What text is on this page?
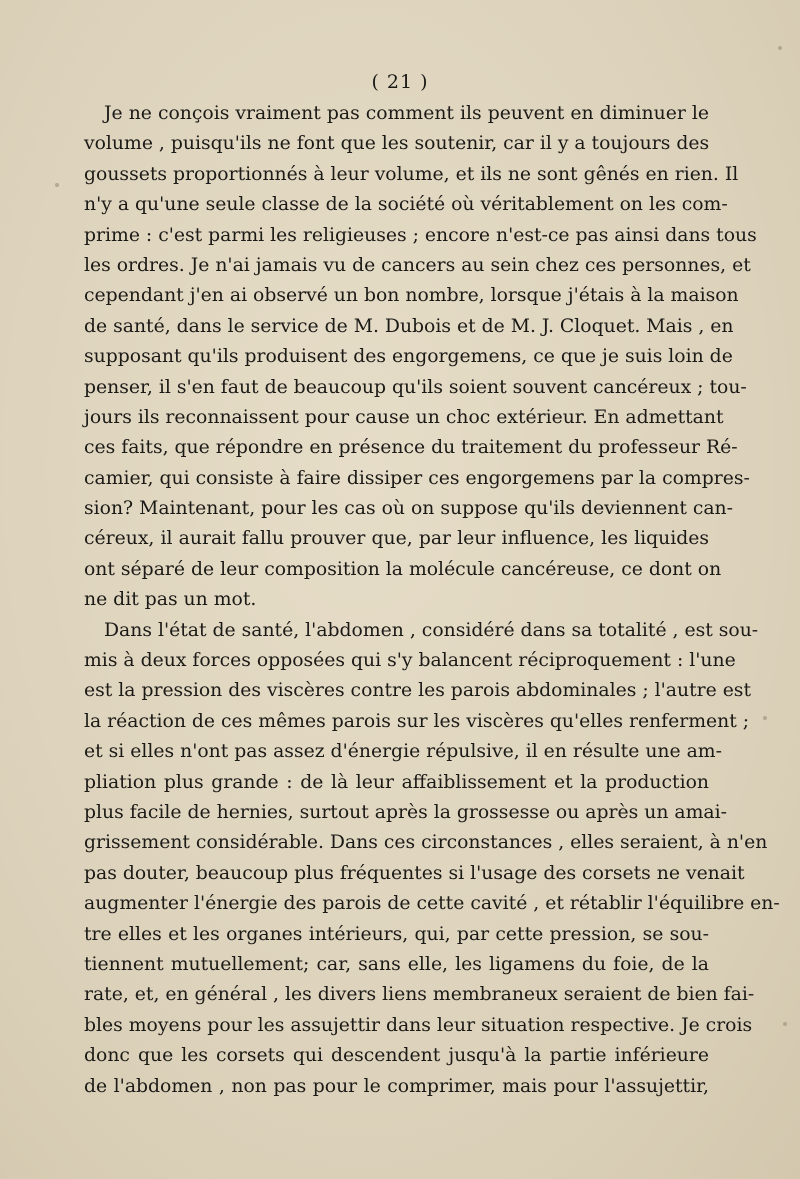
( 21 )
Je ne conçois vraiment pas comment ils peuvent en diminuer le
volume , puisqu'ils ne font que les soutenir, car il y a toujours des
goussets proportionnés à leur volume, et ils ne sont gênés en rien. Il
n'y a qu'une seule classe de la société où véritablement on les com-
prime : c'est parmi les religieuses ; encore n'est-ce pas ainsi dans tous
les ordres. Je n'ai jamais vu de cancers au sein chez ces personnes, et
cependant j'en ai observé un bon nombre, lorsque j'étais à la maison
de santé, dans le service de M. Dubois et de M. J. Cloquet. Mais , en
supposant qu'ils produisent des engorgemens, ce que je suis loin de
penser, il s'en faut de beaucoup qu'ils soient souvent cancéreux ; tou-
jours ils reconnaissent pour cause un choc extérieur. En admettant
ces faits, que répondre en présence du traitement du professeur Ré-
camier, qui consiste à faire dissiper ces engorgemens par la compres-
sion? Maintenant, pour les cas où on suppose qu'ils deviennent can-
céreux, il aurait fallu prouver que, par leur influence, les liquides
ont séparé de leur composition la molécule cancéreuse, ce dont on
ne dit pas un mot.
Dans l'état de santé, l'abdomen , considéré dans sa totalité , est sou-
mis à deux forces opposées qui s'y balancent réciproquement : l'une
est la pression des viscères contre les parois abdominales ; l'autre est
la réaction de ces mêmes parois sur les viscères qu'elles renferment ;
et si elles n'ont pas assez d'énergie répulsive, il en résulte une am-
pliation plus grande : de là leur affaiblissement et la production
plus facile de hernies, surtout après la grossesse ou après un amai-
grissement considérable. Dans ces circonstances , elles seraient, à n'en
pas douter, beaucoup plus fréquentes si l'usage des corsets ne venait
augmenter l'énergie des parois de cette cavité , et rétablir l'équilibre en-
tre elles et les organes intérieurs, qui, par cette pression, se sou-
tiennent mutuellement; car, sans elle, les ligamens du foie, de la
rate, et, en général , les divers liens membraneux seraient de bien fai-
bles moyens pour les assujettir dans leur situation respective. Je crois
donc que les corsets qui descendent jusqu'à la partie inférieure
de l'abdomen , non pas pour le comprimer, mais pour l'assujettir,
